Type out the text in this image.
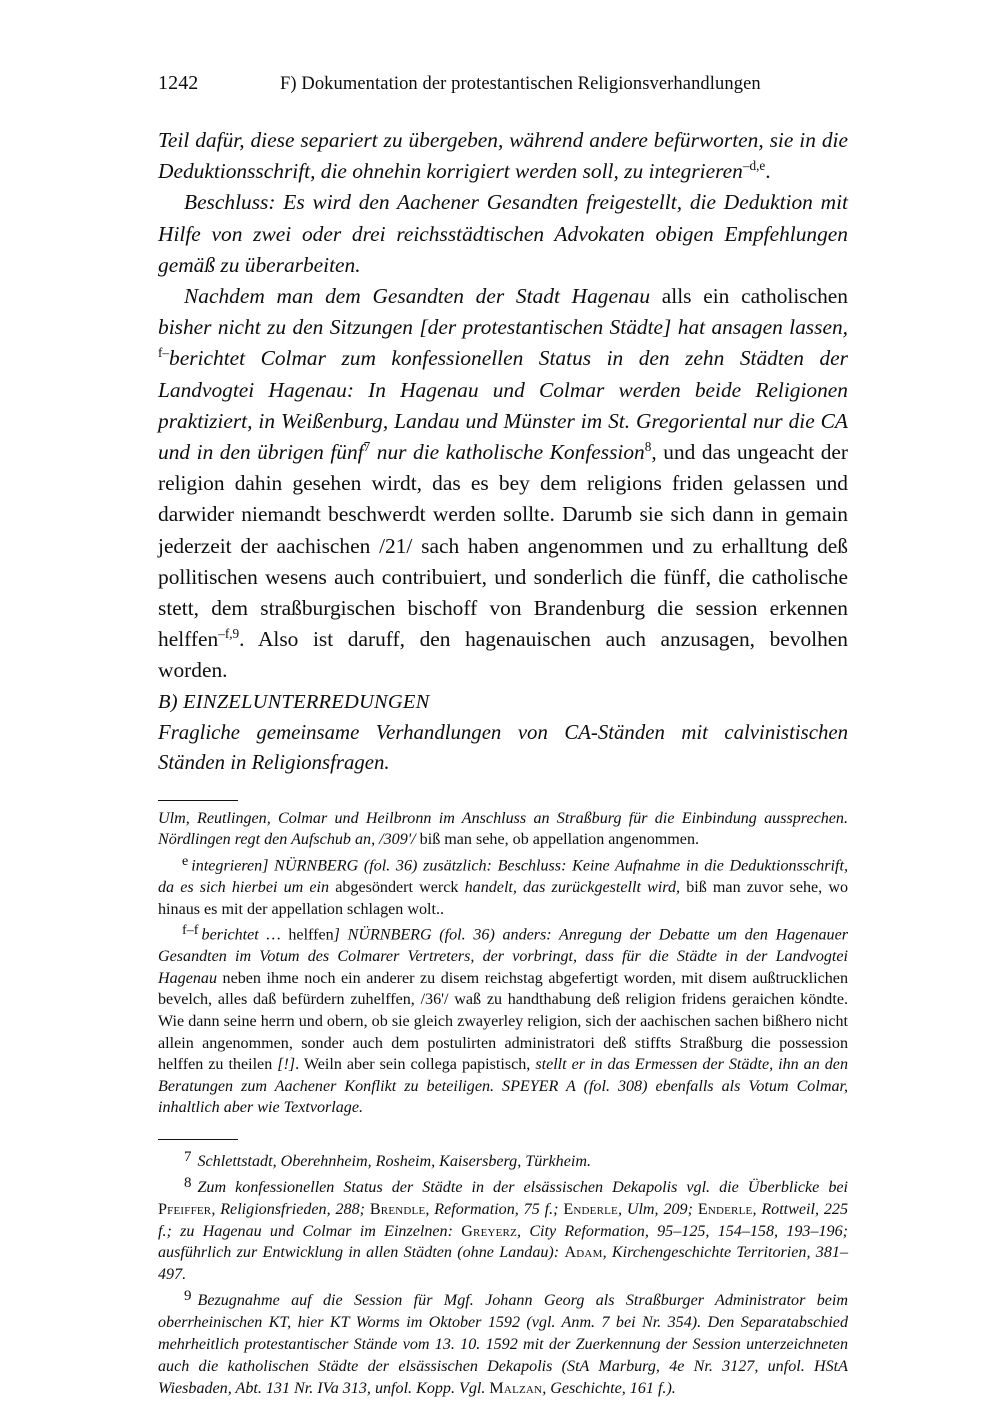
1242	F) Dokumentation der protestantischen Religionsverhandlungen

Teil dafür, diese separiert zu übergeben, während andere befürworten, sie in die Deduktionsschrift, die ohnehin korrigiert werden soll, zu integrieren$^{-d,e}$.

Beschluss: Es wird den Aachener Gesandten freigestellt, die Deduktion mit Hilfe von zwei oder drei reichsstädtischen Advokaten obigen Empfehlungen gemäß zu überarbeiten.

Nachdem man dem Gesandten der Stadt Hagenau alls ein catholischen bisher nicht zu den Sitzungen [der protestantischen Städte] hat ansagen lassen, $^{f-}$berichtet Colmar zum konfessionellen Status in den zehn Städten der Landvogtei Hagenau: In Hagenau und Colmar werden beide Religionen praktiziert, in Weißenburg, Landau und Münster im St. Gregoriental nur die CA und in den übrigen fünf$^7$ nur die katholische Konfession$^8$, und das ungeacht der religion dahin gesehen wirdt, das es bey dem religions friden gelassen und darwider niemandt beschwerdt werden sollte. Darumb sie sich dann in gemain jederzeit der aachischen /21/ sach haben angenommen und zu erhalltung deß pollitischen wesens auch contribuiert, und sonderlich die fünff, die catholische stett, dem straßburgischen bischoff von Brandenburg die session erkennen helffen$^{-f,9}$. Also ist daruff, den hagenauischen auch anzusagen, bevolhen worden.

B) EINZELUNTERREDUNGEN

Fragliche gemeinsame Verhandlungen von CA-Ständen mit calvinistischen Ständen in Religionsfragen.

Ulm, Reutlingen, Colmar und Heilbronn im Anschluss an Straßburg für die Einbindung aussprechen. Nördlingen regt den Aufschub an, /309'/ biß man sehe, ob appellation angenommen.

e integrieren] NÜRNBERG (fol. 36) zusätzlich: Beschluss: Keine Aufnahme in die Deduktionsschrift, da es sich hierbei um ein abgesöndert werck handelt, das zurückgestellt wird, biß man zuvor sehe, wo hinaus es mit der appellation schlagen wolt..

f–f berichtet … helffen] NÜRNBERG (fol. 36) anders: Anregung der Debatte um den Hagenauer Gesandten im Votum des Colmarer Vertreters, der vorbringt, dass für die Städte in der Landvogtei Hagenau neben ihme noch ein anderer zu disem reichstag abgefertigt worden, mit disem außtrucklichen bevelch, alles daß befürdern zuhelffen, /36'/ waß zu handthabung deß religion fridens geraichen köndte. Wie dann seine herrn und obern, ob sie gleich zwayerley religion, sich der aachischen sachen bißhero nicht allein angenommen, sonder auch dem postulirten administratori deß stiffts Straßburg die possession helffen zu theilen [!]. Weiln aber sein collega papistisch, stellt er in das Ermessen der Städte, ihn an den Beratungen zum Aachener Konflikt zu beteiligen. SPEYER A (fol. 308) ebenfalls als Votum Colmar, inhaltlich aber wie Textvorlage.

7 Schlettstadt, Oberehnheim, Rosheim, Kaisersberg, Türkheim.

8 Zum konfessionellen Status der Städte in der elsässischen Dekapolis vgl. die Überblicke bei Pfeiffer, Religionsfrieden, 288; Brendle, Reformation, 75 f.; Enderle, Ulm, 209; Enderle, Rottweil, 225 f.; zu Hagenau und Colmar im Einzelnen: Greyerz, City Reformation, 95–125, 154–158, 193–196; ausführlich zur Entwicklung in allen Städten (ohne Landau): Adam, Kirchengeschichte Territorien, 381–497.

9 Bezugnahme auf die Session für Mgf. Johann Georg als Straßburger Administrator beim oberrheinischen KT, hier KT Worms im Oktober 1592 (vgl. Anm. 7 bei Nr. 354). Den Separatabschied mehrheitlich protestantischer Stände vom 13. 10. 1592 mit der Zuerkennung der Session unterzeichneten auch die katholischen Städte der elsässischen Dekapolis (StA Marburg, 4e Nr. 3127, unfol. HStA Wiesbaden, Abt. 131 Nr. IVa 313, unfol. Kopp. Vgl. Malzan, Geschichte, 161 f.).
